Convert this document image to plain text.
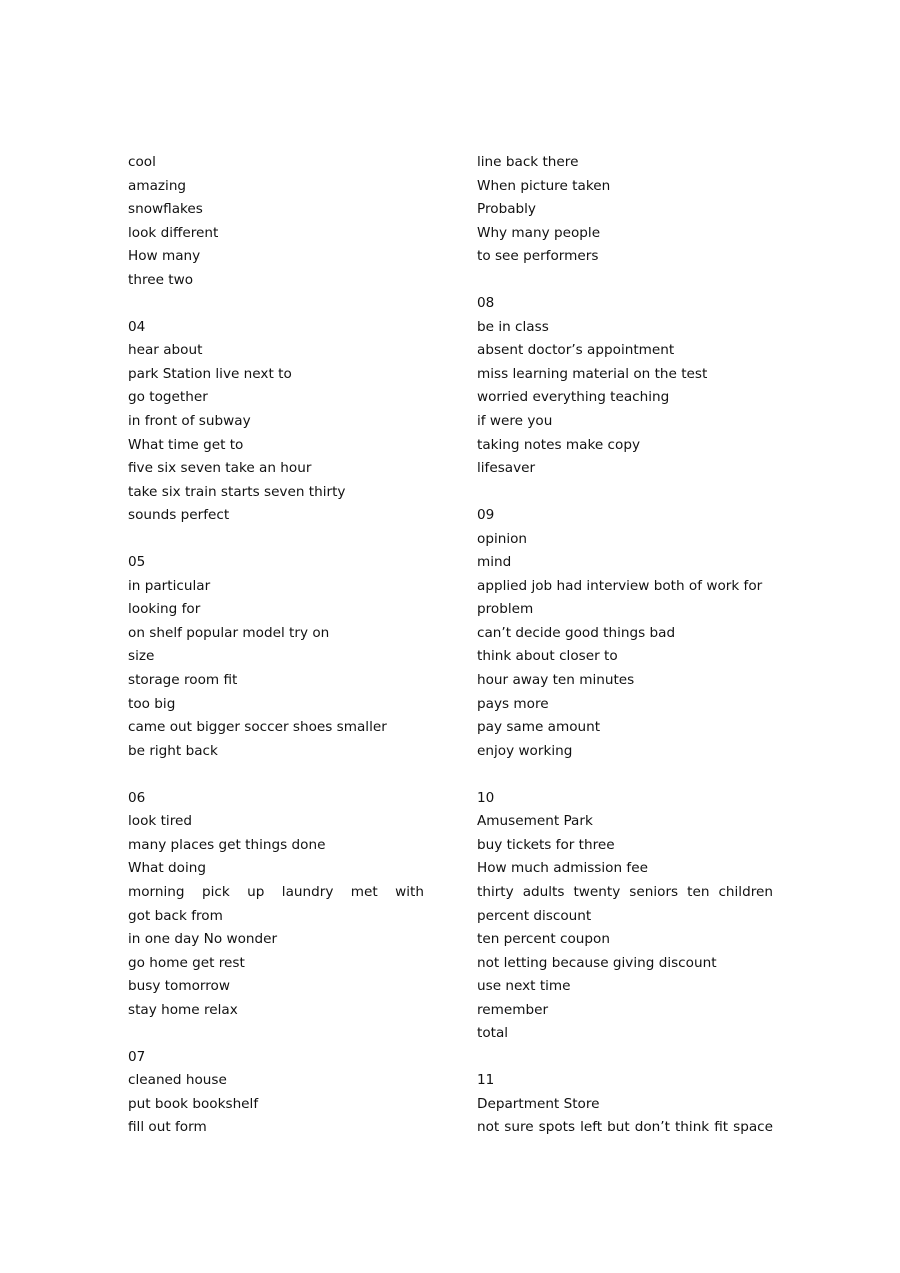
cool
amazing
snowflakes
look different
How many
three two
04
hear about
park Station live next to
go together
in front of subway
What time get to
five six seven take an hour
take six train starts seven thirty
sounds perfect
05
in particular
looking for
on shelf popular model try on
size
storage room fit
too big
came out bigger soccer shoes smaller
be right back
06
look tired
many places get things done
What doing
morning pick up laundry met with
got back from
in one day No wonder
go home get rest
busy tomorrow
stay home relax
07
cleaned house
put book bookshelf
fill out form
line back there
When picture taken
Probably
Why many people
to see performers
08
be in class
absent doctor’s appointment
miss learning material on the test
worried everything teaching
if were you
taking notes make copy
lifesaver
09
opinion
mind
applied job had interview both of work for
problem
can’t decide good things bad
think about closer to
hour away ten minutes
pays more
pay same amount
enjoy working
10
Amusement Park
buy tickets for three
How much admission fee
thirty adults twenty seniors ten children
percent discount
ten percent coupon
not letting because giving discount
use next time
remember
total
11
Department Store
not sure spots left but don’t think fit space
